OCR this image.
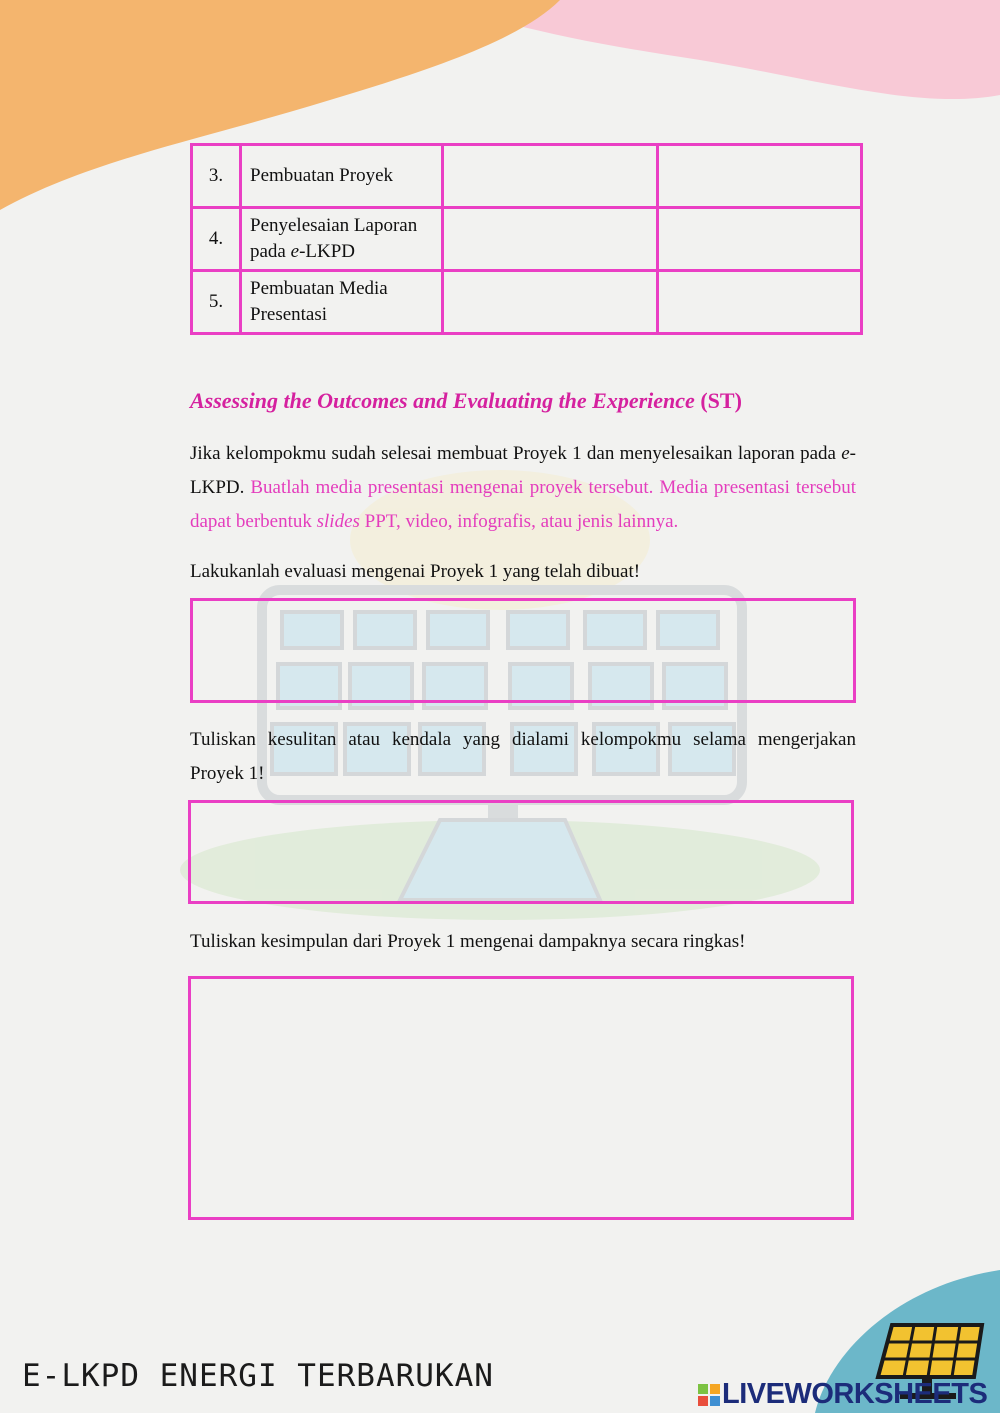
3.	Pembuatan Proyek		
4.	Penyelesaian Laporan
pada e-LKPD		
5.	Pembuatan Media
Presentasi		
Assessing the Outcomes and Evaluating the Experience (ST)
Jika kelompokmu sudah selesai membuat Proyek 1 dan menyelesaikan laporan pada e-LKPD. Buatlah media presentasi mengenai proyek tersebut. Media presentasi tersebut dapat berbentuk slides PPT, video, infografis, atau jenis lainnya.
Lakukanlah evaluasi mengenai Proyek 1 yang telah dibuat!
Tuliskan kesulitan atau kendala yang dialami kelompokmu selama mengerjakan Proyek 1!
Tuliskan kesimpulan dari Proyek 1 mengenai dampaknya secara ringkas!
E-LKPD ENERGI TERBARUKAN	LIVEWORKSHEETS
